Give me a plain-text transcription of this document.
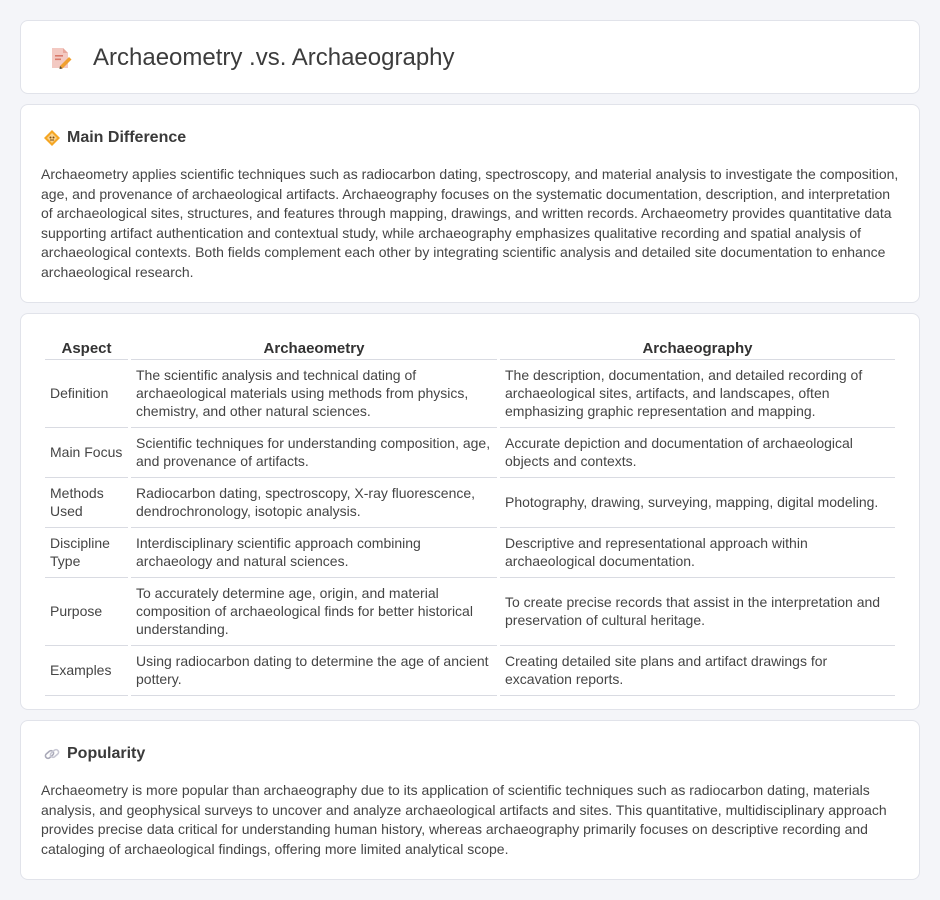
Archaeometry .vs. Archaeography
Main Difference

Archaeometry applies scientific techniques such as radiocarbon dating, spectroscopy, and material analysis to investigate the composition, age, and provenance of archaeological artifacts. Archaeography focuses on the systematic documentation, description, and interpretation of archaeological sites, structures, and features through mapping, drawings, and written records. Archaeometry provides quantitative data supporting artifact authentication and contextual study, while archaeography emphasizes qualitative recording and spatial analysis of archaeological contexts. Both fields complement each other by integrating scientific analysis and detailed site documentation to enhance archaeological research.

Aspect	Archaeometry	Archaeography
Definition	The scientific analysis and technical dating of archaeological materials using methods from physics, chemistry, and other natural sciences.	The description, documentation, and detailed recording of archaeological sites, artifacts, and landscapes, often emphasizing graphic representation and mapping.
Main Focus	Scientific techniques for understanding composition, age, and provenance of artifacts.	Accurate depiction and documentation of archaeological objects and contexts.
Methods Used	Radiocarbon dating, spectroscopy, X-ray fluorescence, dendrochronology, isotopic analysis.	Photography, drawing, surveying, mapping, digital modeling.
Discipline Type	Interdisciplinary scientific approach combining archaeology and natural sciences.	Descriptive and representational approach within archaeological documentation.
Purpose	To accurately determine age, origin, and material composition of archaeological finds for better historical understanding.	To create precise records that assist in the interpretation and preservation of cultural heritage.
Examples	Using radiocarbon dating to determine the age of ancient pottery.	Creating detailed site plans and artifact drawings for excavation reports.
Popularity

Archaeometry is more popular than archaeography due to its application of scientific techniques such as radiocarbon dating, materials analysis, and geophysical surveys to uncover and analyze archaeological artifacts and sites. This quantitative, multidisciplinary approach provides precise data critical for understanding human history, whereas archaeography primarily focuses on descriptive recording and cataloging of archaeological findings, offering more limited analytical scope.
